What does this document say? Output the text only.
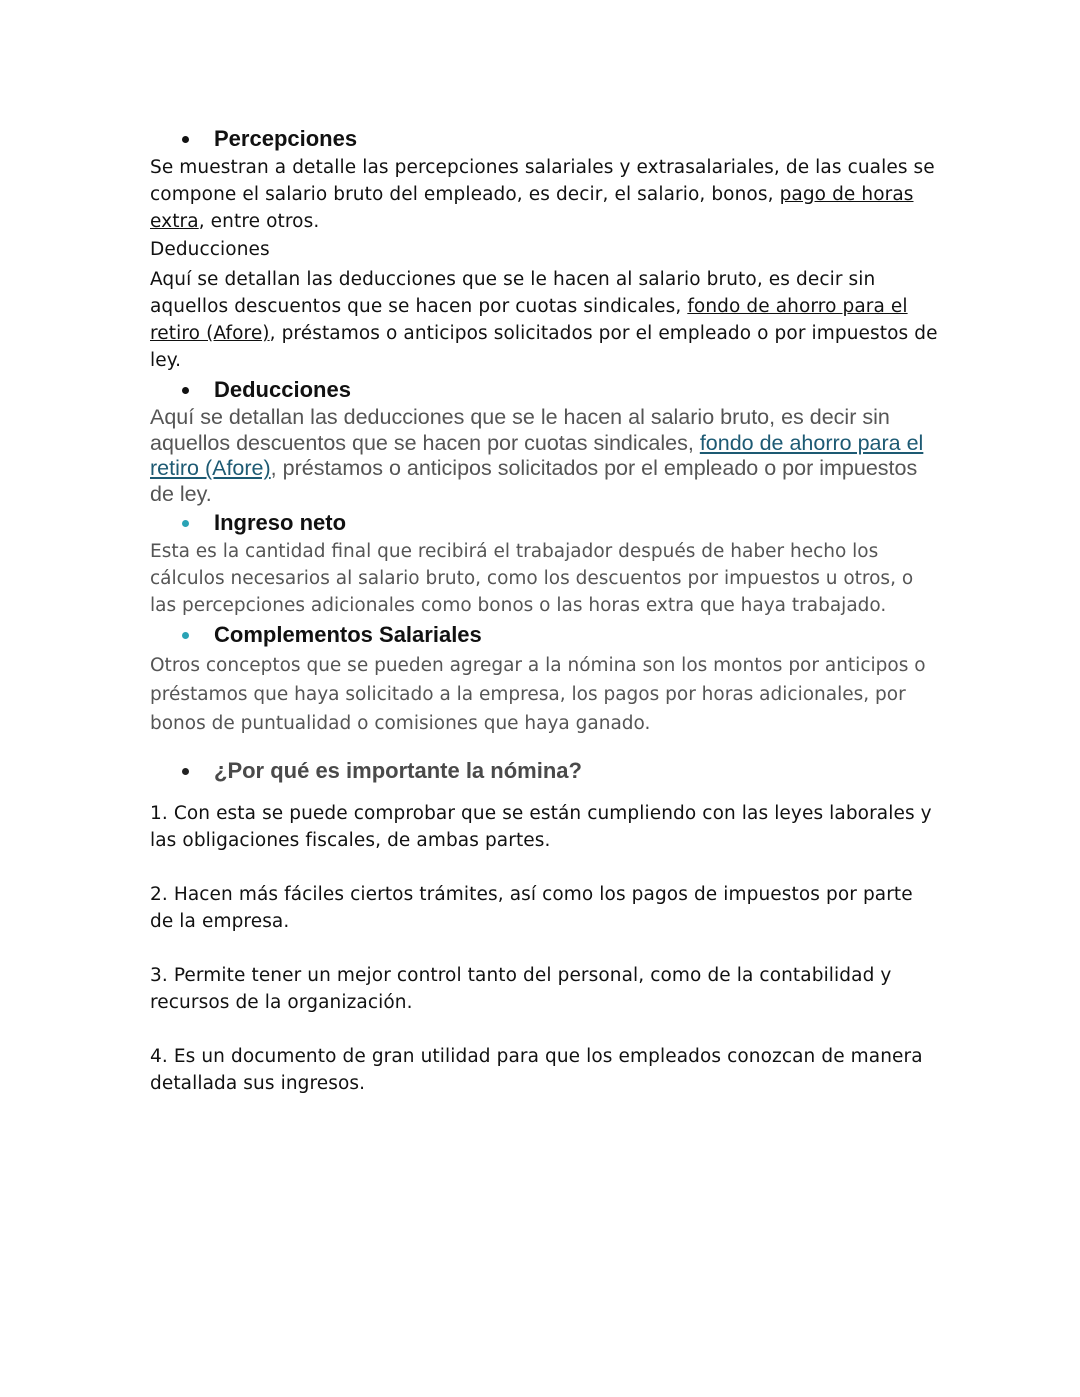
Percepciones

Se muestran a detalle las percepciones salariales y extrasalariales, de las cuales se compone el salario bruto del empleado, es decir, el salario, bonos, pago de horas extra, entre otros.

Deducciones

Aquí se detallan las deducciones que se le hacen al salario bruto, es decir sin aquellos descuentos que se hacen por cuotas sindicales, fondo de ahorro para el retiro (Afore), préstamos o anticipos solicitados por el empleado o por impuestos de ley.

Deducciones

Aquí se detallan las deducciones que se le hacen al salario bruto, es decir sin aquellos descuentos que se hacen por cuotas sindicales, fondo de ahorro para el retiro (Afore), préstamos o anticipos solicitados por el empleado o por impuestos de ley.

Ingreso neto

Esta es la cantidad final que recibirá el trabajador después de haber hecho los cálculos necesarios al salario bruto, como los descuentos por impuestos u otros, o las percepciones adicionales como bonos o las horas extra que haya trabajado.

Complementos Salariales

Otros conceptos que se pueden agregar a la nómina son los montos por anticipos o préstamos que haya solicitado a la empresa, los pagos por horas adicionales, por bonos de puntualidad o comisiones que haya ganado.

¿Por qué es importante la nómina?

1. Con esta se puede comprobar que se están cumpliendo con las leyes laborales y las obligaciones fiscales, de ambas partes.

2. Hacen más fáciles ciertos trámites, así como los pagos de impuestos por parte de la empresa.

3. Permite tener un mejor control tanto del personal, como de la contabilidad y recursos de la organización.

4. Es un documento de gran utilidad para que los empleados conozcan de manera detallada sus ingresos.
